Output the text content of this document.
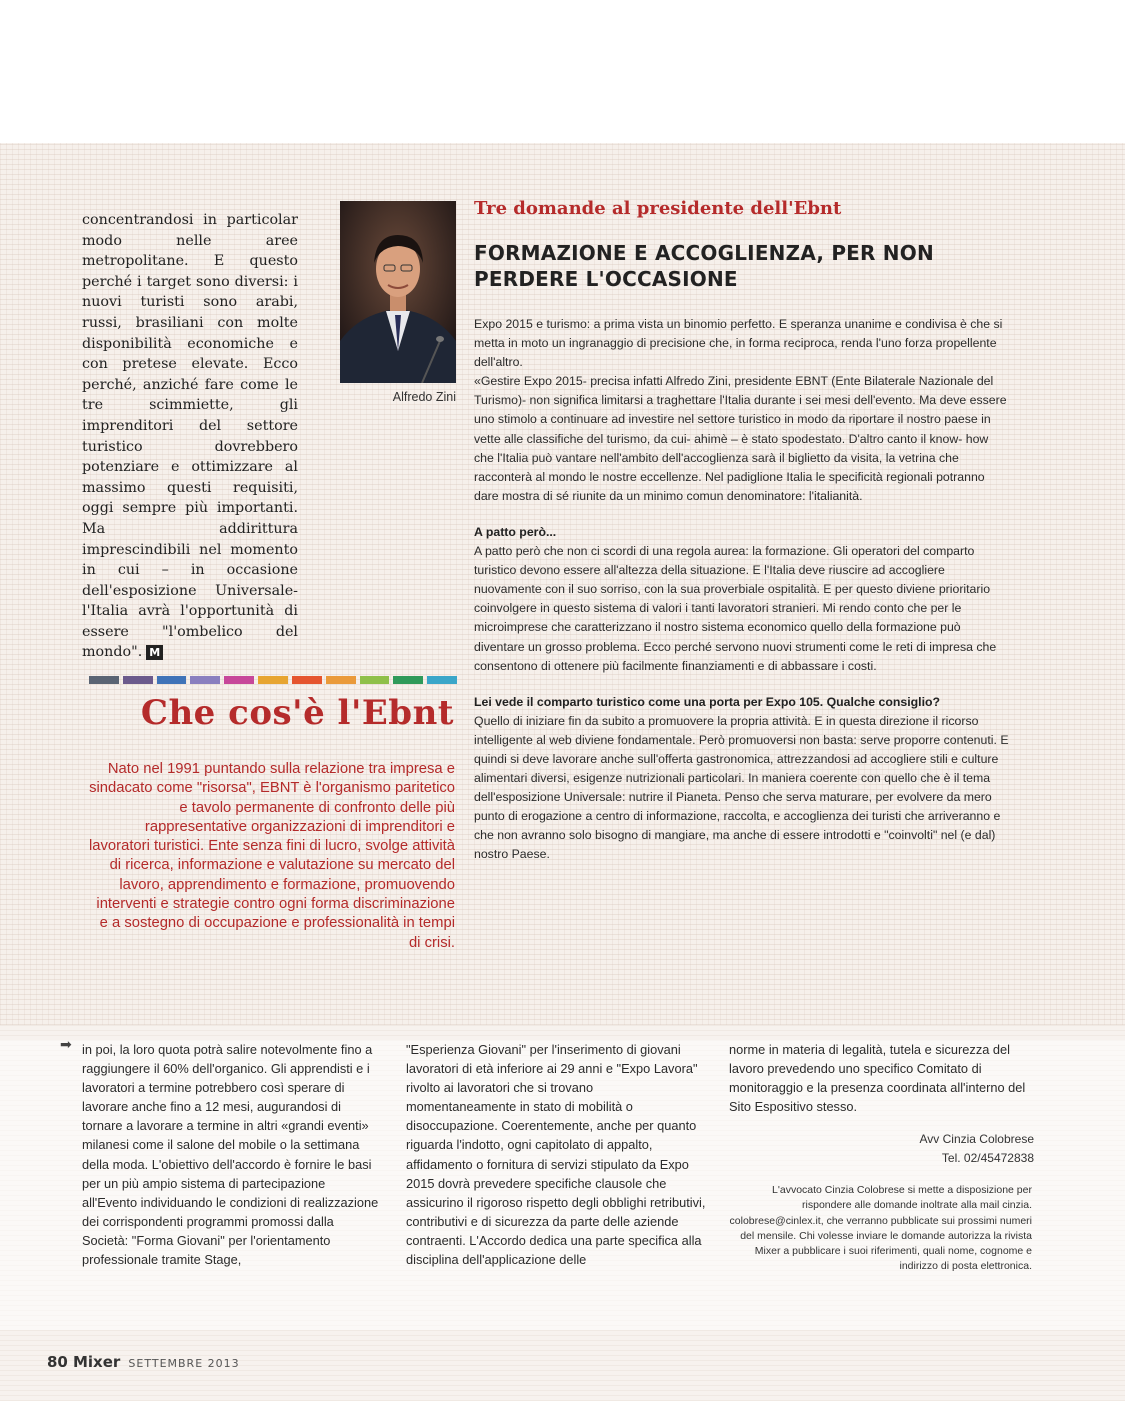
concentrandosi in particolar modo nelle aree metropolitane. E questo perché i target sono diversi: i nuovi turisti sono arabi, russi, brasiliani con molte disponibilità economiche e con pretese elevate. Ecco perché, anziché fare come le tre scimmiette, gli imprenditori del settore turistico dovrebbero potenziare e ottimizzare al massimo questi requisiti, oggi sempre più importanti. Ma addirittura imprescindibili nel momento in cui – in occasione dell'esposizione Universale- l'Italia avrà l'opportunità di essere "l'ombelico del mondo". M

Alfredo Zini
Tre domande al presidente dell'Ebnt
FORMAZIONE E ACCOGLIENZA, PER NON PERDERE L'OCCASIONE

Expo 2015 e turismo: a prima vista un binomio perfetto. E speranza unanime e condivisa è che si metta in moto un ingranaggio di precisione che, in forma reciproca, renda l'uno forza propellente dell'altro.

«Gestire Expo 2015- precisa infatti Alfredo Zini, presidente EBNT (Ente Bilaterale Nazionale del Turismo)- non significa limitarsi a traghettare l'Italia durante i sei mesi dell'evento. Ma deve essere uno stimolo a continuare ad investire nel settore turistico in modo da riportare il nostro paese in vette alle classifiche del turismo, da cui- ahimè – è stato spodestato. D'altro canto il know- how che l'Italia può vantare nell'ambito dell'accoglienza sarà il biglietto da visita, la vetrina che racconterà al mondo le nostre eccellenze. Nel padiglione Italia le specificità regionali potranno dare mostra di sé riunite da un minimo comun denominatore: l'italianità.

A patto però...

A patto però che non ci scordi di una regola aurea: la formazione. Gli operatori del comparto turistico devono essere all'altezza della situazione. E l'Italia deve riuscire ad accogliere nuovamente con il suo sorriso, con la sua proverbiale ospitalità. E per questo diviene prioritario coinvolgere in questo sistema di valori i tanti lavoratori stranieri. Mi rendo conto che per le microimprese che caratterizzano il nostro sistema economico quello della formazione può diventare un grosso problema. Ecco perché servono nuovi strumenti come le reti di impresa che consentono di ottenere più facilmente finanziamenti e di abbassare i costi.

Lei vede il comparto turistico come una porta per Expo 105. Qualche consiglio?

Quello di iniziare fin da subito a promuovere la propria attività. E in questa direzione il ricorso intelligente al web diviene fondamentale. Però promuoversi non basta: serve proporre contenuti. E quindi si deve lavorare anche sull'offerta gastronomica, attrezzandosi ad accogliere stili e culture alimentari diversi, esigenze nutrizionali particolari. In maniera coerente con quello che è il tema dell'esposizione Universale: nutrire il Pianeta. Penso che serva maturare, per evolvere da mero punto di erogazione a centro di informazione, raccolta, e accoglienza dei turisti che arriveranno e che non avranno solo bisogno di mangiare, ma anche di essere introdotti e "coinvolti" nel (e dal) nostro Paese.

Che cos'è l'Ebnt

Nato nel 1991 puntando sulla relazione tra impresa e sindacato come "risorsa", EBNT è l'organismo paritetico e tavolo permanente di confronto delle più rappresentative organizzazioni di imprenditori e lavoratori turistici. Ente senza fini di lucro, svolge attività di ricerca, informazione e valutazione su mercato del lavoro, apprendimento e formazione, promuovendo interventi e strategie contro ogni forma discriminazione e a sostegno di occupazione e professionalità in tempi di crisi.

➡ in poi, la loro quota potrà salire notevolmente fino a raggiungere il 60% dell'organico. Gli apprendisti e i lavoratori a termine potrebbero così sperare di lavorare anche fino a 12 mesi, augurandosi di tornare a lavorare a termine in altri «grandi eventi» milanesi come il salone del mobile o la settimana della moda. L'obiettivo dell'accordo è fornire le basi per un più ampio sistema di partecipazione all'Evento individuando le condizioni di realizzazione dei corrispondenti programmi promossi dalla Società: "Forma Giovani" per l'orientamento professionale tramite Stage,

"Esperienza Giovani" per l'inserimento di giovani lavoratori di età inferiore ai 29 anni e "Expo Lavora" rivolto ai lavoratori che si trovano momentaneamente in stato di mobilità o disoccupazione. Coerentemente, anche per quanto riguarda l'indotto, ogni capitolato di appalto, affidamento o fornitura di servizi stipulato da Expo 2015 dovrà prevedere specifiche clausole che assicurino il rigoroso rispetto degli obblighi retributivi, contributivi e di sicurezza da parte delle aziende contraenti. L'Accordo dedica una parte specifica alla disciplina dell'applicazione delle

norme in materia di legalità, tutela e sicurezza del lavoro prevedendo uno specifico Comitato di monitoraggio e la presenza coordinata all'interno del Sito Espositivo stesso.

Avv Cinzia Colobrese
Tel. 02/45472838

L'avvocato Cinzia Colobrese si mette a disposizione per rispondere alle domande inoltrate alla mail cinzia. colobrese@cinlex.it, che verranno pubblicate sui prossimi numeri del mensile. Chi volesse inviare le domande autorizza la rivista Mixer a pubblicare i suoi riferimenti, quali nome, cognome e indirizzo di posta elettronica.

80 Mixer SETTEMBRE 2013
